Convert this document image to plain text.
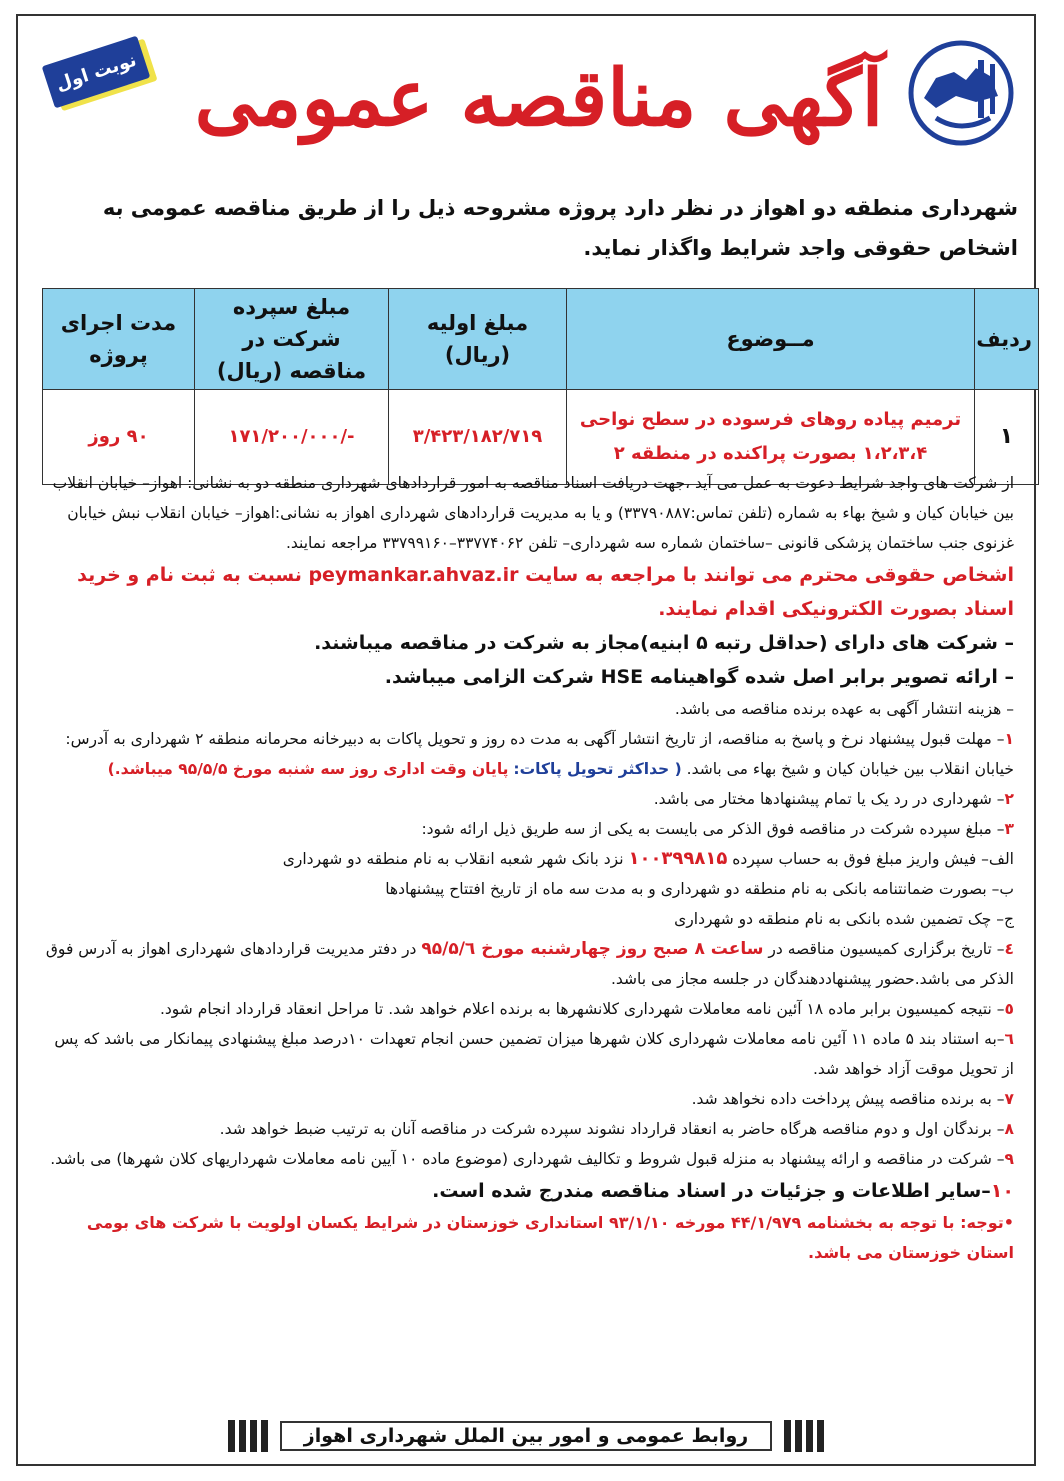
آگهی مناقصه عمومی
نوبت اول
شهرداری منطقه دو اهواز در نظر دارد پروژه مشروحه ذیل را از طریق مناقصه عمومی به اشخاص حقوقی واجد شرایط واگذار نماید.
ردیف	مــوضوع	مبلغ اولیه (ریال)	مبلغ سپرده شرکت در مناقصه (ریال)	مدت اجرای پروژه
۱	ترمیم پیاده روهای فرسوده در سطح نواحی ۱،۲،۳،۴ بصورت پراکنده در منطقه ۲	۳/۴۲۳/۱۸۲/۷۱۹	-/۱۷۱/۲۰۰/۰۰۰	۹۰ روز

از شرکت های واجد شرایط دعوت به عمل می آید ،جهت دریافت اسناد مناقصه به امور قراردادهای شهرداری منطقه دو به نشانی: اهواز– خیابان انقلاب بین خیابان کیان و شیخ بهاء به شماره (تلفن تماس:۳۳۷۹۰۸۸۷) و یا به مدیریت قراردادهای شهرداری اهواز به نشانی:اهواز– خیابان انقلاب نبش خیابان غزنوی جنب ساختمان پزشکی قانونی –ساختمان شماره سه شهرداری– تلفن ۳۳۷۷۴۰۶۲–۳۳۷۹۹۱۶۰ مراجعه نمایند.

اشخاص حقوقی محترم می توانند با مراجعه به سایت peymankar.ahvaz.ir نسبت به ثبت نام و خرید اسناد بصورت الکترونیکی اقدام نمایند.

– شرکت های دارای (حداقل رتبه ۵ ابنیه)مجاز به شرکت در مناقصه میباشند.

– ارائه تصویر برابر اصل شده گواهینامه HSE شرکت الزامی میباشد.

– هزینه انتشار آگهی به عهده برنده مناقصه می باشد.

۱– مهلت قبول پیشنهاد نرخ و پاسخ به مناقصه، از تاریخ انتشار آگهی به مدت ده روز و تحویل پاکات به دبیرخانه محرمانه منطقه ۲ شهرداری به آدرس: خیابان انقلاب بین خیابان کیان و شیخ بهاء می باشد. ( حداکثر تحویل پاکات: پایان وقت اداری روز سه شنبه مورخ ۹۵/۵/۵ میباشد.)

۲– شهرداری در رد یک یا تمام پیشنهادها مختار می باشد.

۳– مبلغ سپرده شرکت در مناقصه فوق الذکر می بایست به یکی از سه طریق ذیل ارائه شود:

الف– فیش واریز مبلغ فوق به حساب سپرده ۱۰۰۳۹۹۸۱۵ نزد بانک شهر شعبه انقلاب به نام منطقه دو شهرداری

ب– بصورت ضمانتنامه بانکی به نام منطقه دو شهرداری و به مدت سه ماه از تاریخ افتتاح پیشنهادها

ج– چک تضمین شده بانکی به نام منطقه دو شهرداری

٤– تاریخ برگزاری کمیسیون مناقصه در ساعت ۸ صبح روز چهارشنبه مورخ ۹۵/۵/٦ در دفتر مدیریت قراردادهای شهرداری اهواز به آدرس فوق الذکر می باشد.حضور پیشنهاددهندگان در جلسه مجاز می باشد.

٥– نتیجه کمیسیون برابر ماده ۱۸ آئین نامه معاملات شهرداری کلانشهرها به برنده اعلام خواهد شد. تا مراحل انعقاد قرارداد انجام شود.

٦–به استناد بند ۵ ماده ۱۱ آئین نامه معاملات شهرداری کلان شهرها میزان تضمین حسن انجام تعهدات ۱۰درصد مبلغ پیشنهادی پیمانکار می باشد که پس از تحویل موقت آزاد خواهد شد.

۷– به برنده مناقصه پیش پرداخت داده نخواهد شد.

۸– برندگان اول و دوم مناقصه هرگاه حاضر به انعقاد قرارداد نشوند سپرده شرکت در مناقصه آنان به ترتیب ضبط خواهد شد.

۹– شرکت در مناقصه و ارائه پیشنهاد به منزله قبول شروط و تکالیف شهرداری (موضوع ماده ۱۰ آیین نامه معاملات شهرداریهای کلان شهرها) می باشد.

۱۰–سایر اطلاعات و جزئیات در اسناد مناقصه مندرج شده است.

•توجه: با توجه به بخشنامه ۴۴/۱/۹۷۹ مورخه ۹۳/۱/۱۰ استانداری خوزستان در شرایط یکسان اولویت با شرکت های بومی استان خوزستان می باشد.

روابط عمومی و امور بین الملل شهرداری اهواز
